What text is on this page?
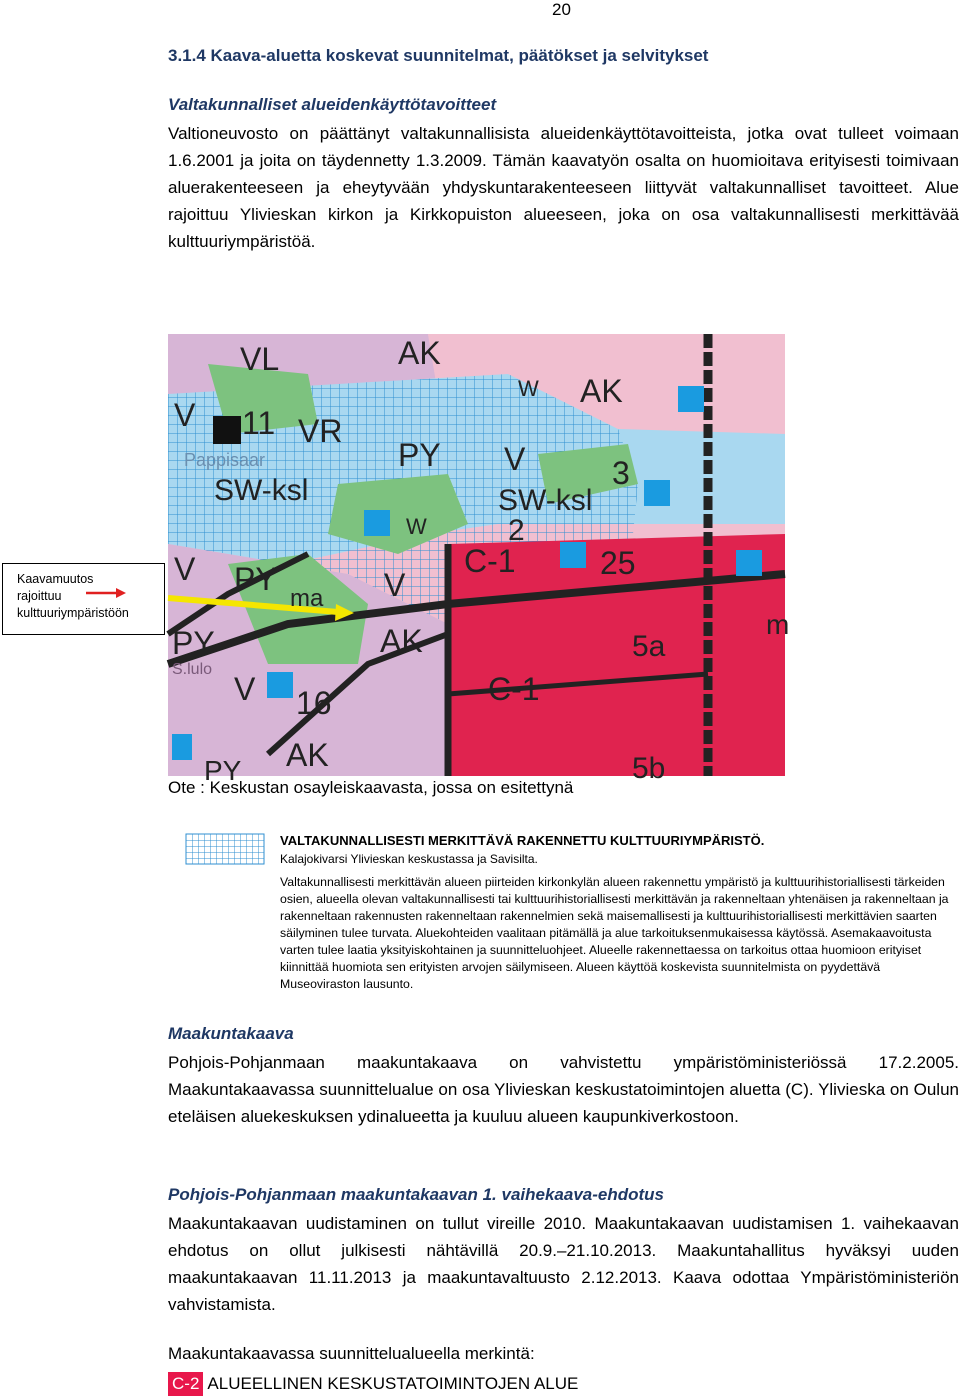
20
3.1.4 Kaava-aluetta koskevat suunnitelmat, päätökset ja selvitykset
Valtakunnalliset alueidenkäyttötavoitteet
Valtioneuvosto on päättänyt valtakunnallisista alueidenkäyttötavoitteista, jotka ovat tulleet voimaan 1.6.2001 ja joita on täydennetty 1.3.2009. Tämän kaavatyön osalta on huomioitava erityisesti toimivaan aluerakenteeseen ja eheytyvään yhdyskuntarakenteeseen liittyvät valtakunnalliset tavoitteet. Alue rajoittuu Ylivieskan kirkon ja Kirkkopuiston alueeseen, joka on osa valtakunnallisesti merkittävää kulttuuriympäristöä.
VL	AK
W AK
V 11 VR
PY V	3
Pappisaar
SW-ksl	SW-ksl
W	2
C-1	25
V PY
ma V
m
AK
PY
S.lulo
5a
C-1
V 16
AK
PY	5b
Kaavamuutos
rajoittuu
kulttuuriympäristöön
Ote : Keskustan osayleiskaavasta, jossa on esitettynä
VALTAKUNNALLISESTI MERKITTÄVÄ RAKENNETTU KULTTUURIYMPÄRISTÖ.
Kalajokivarsi Ylivieskan keskustassa ja Savisilta.
Valtakunnallisesti merkittävän alueen piirteiden kirkonkylän alueen rakennettu ympäristö ja kulttuurihistoriallisesti tärkeiden osien, alueella olevan valtakunnallisesti tai kulttuurihistoriallisesti merkittävän ja rakenneltaan yhtenäisen ja rakenneltaan ja rakenneltaan rakennusten rakenneltaan rakennelmien sekä maisemallisesti ja kulttuurihistoriallisesti merkittävien saarten säilyminen tulee turvata. Aluekohteiden vaalitaan pitämällä ja alue tarkoituksenmukaisessa käytössä. Asemakaavoitusta varten tulee laatia yksityiskohtainen ja suunnitteluohjeet. Alueelle rakennettaessa on tarkoitus ottaa huomioon erityiset kiinnittää huomiota sen erityisten arvojen säilymiseen. Alueen käyttöä koskevista suunnitelmista on pyydettävä Museoviraston lausunto.
Maakuntakaava
Pohjois-Pohjanmaan maakuntakaava on vahvistettu ympäristöministeriössä 17.2.2005. Maakuntakaavassa suunnittelualue on osa Ylivieskan keskustatoimintojen aluetta (C). Ylivieska on Oulun eteläisen aluekeskuksen ydinalueetta ja kuuluu alueen kaupunkiverkostoon.
Pohjois-Pohjanmaan maakuntakaavan 1. vaihekaava-ehdotus
Maakuntakaavan uudistaminen on tullut vireille 2010. Maakuntakaavan uudistamisen 1. vaihekaavan ehdotus on ollut julkisesti nähtävillä 20.9.–21.10.2013. Maakuntahallitus hyväksyi uuden maakuntakaavan 11.11.2013 ja maakuntavaltuusto 2.12.2013. Kaava odottaa Ympäristöministeriön vahvistamista.
Maakuntakaavassa suunnittelualueella merkintä:
C-2 ALUEELLINEN KESKUSTATOIMINTOJEN ALUE
